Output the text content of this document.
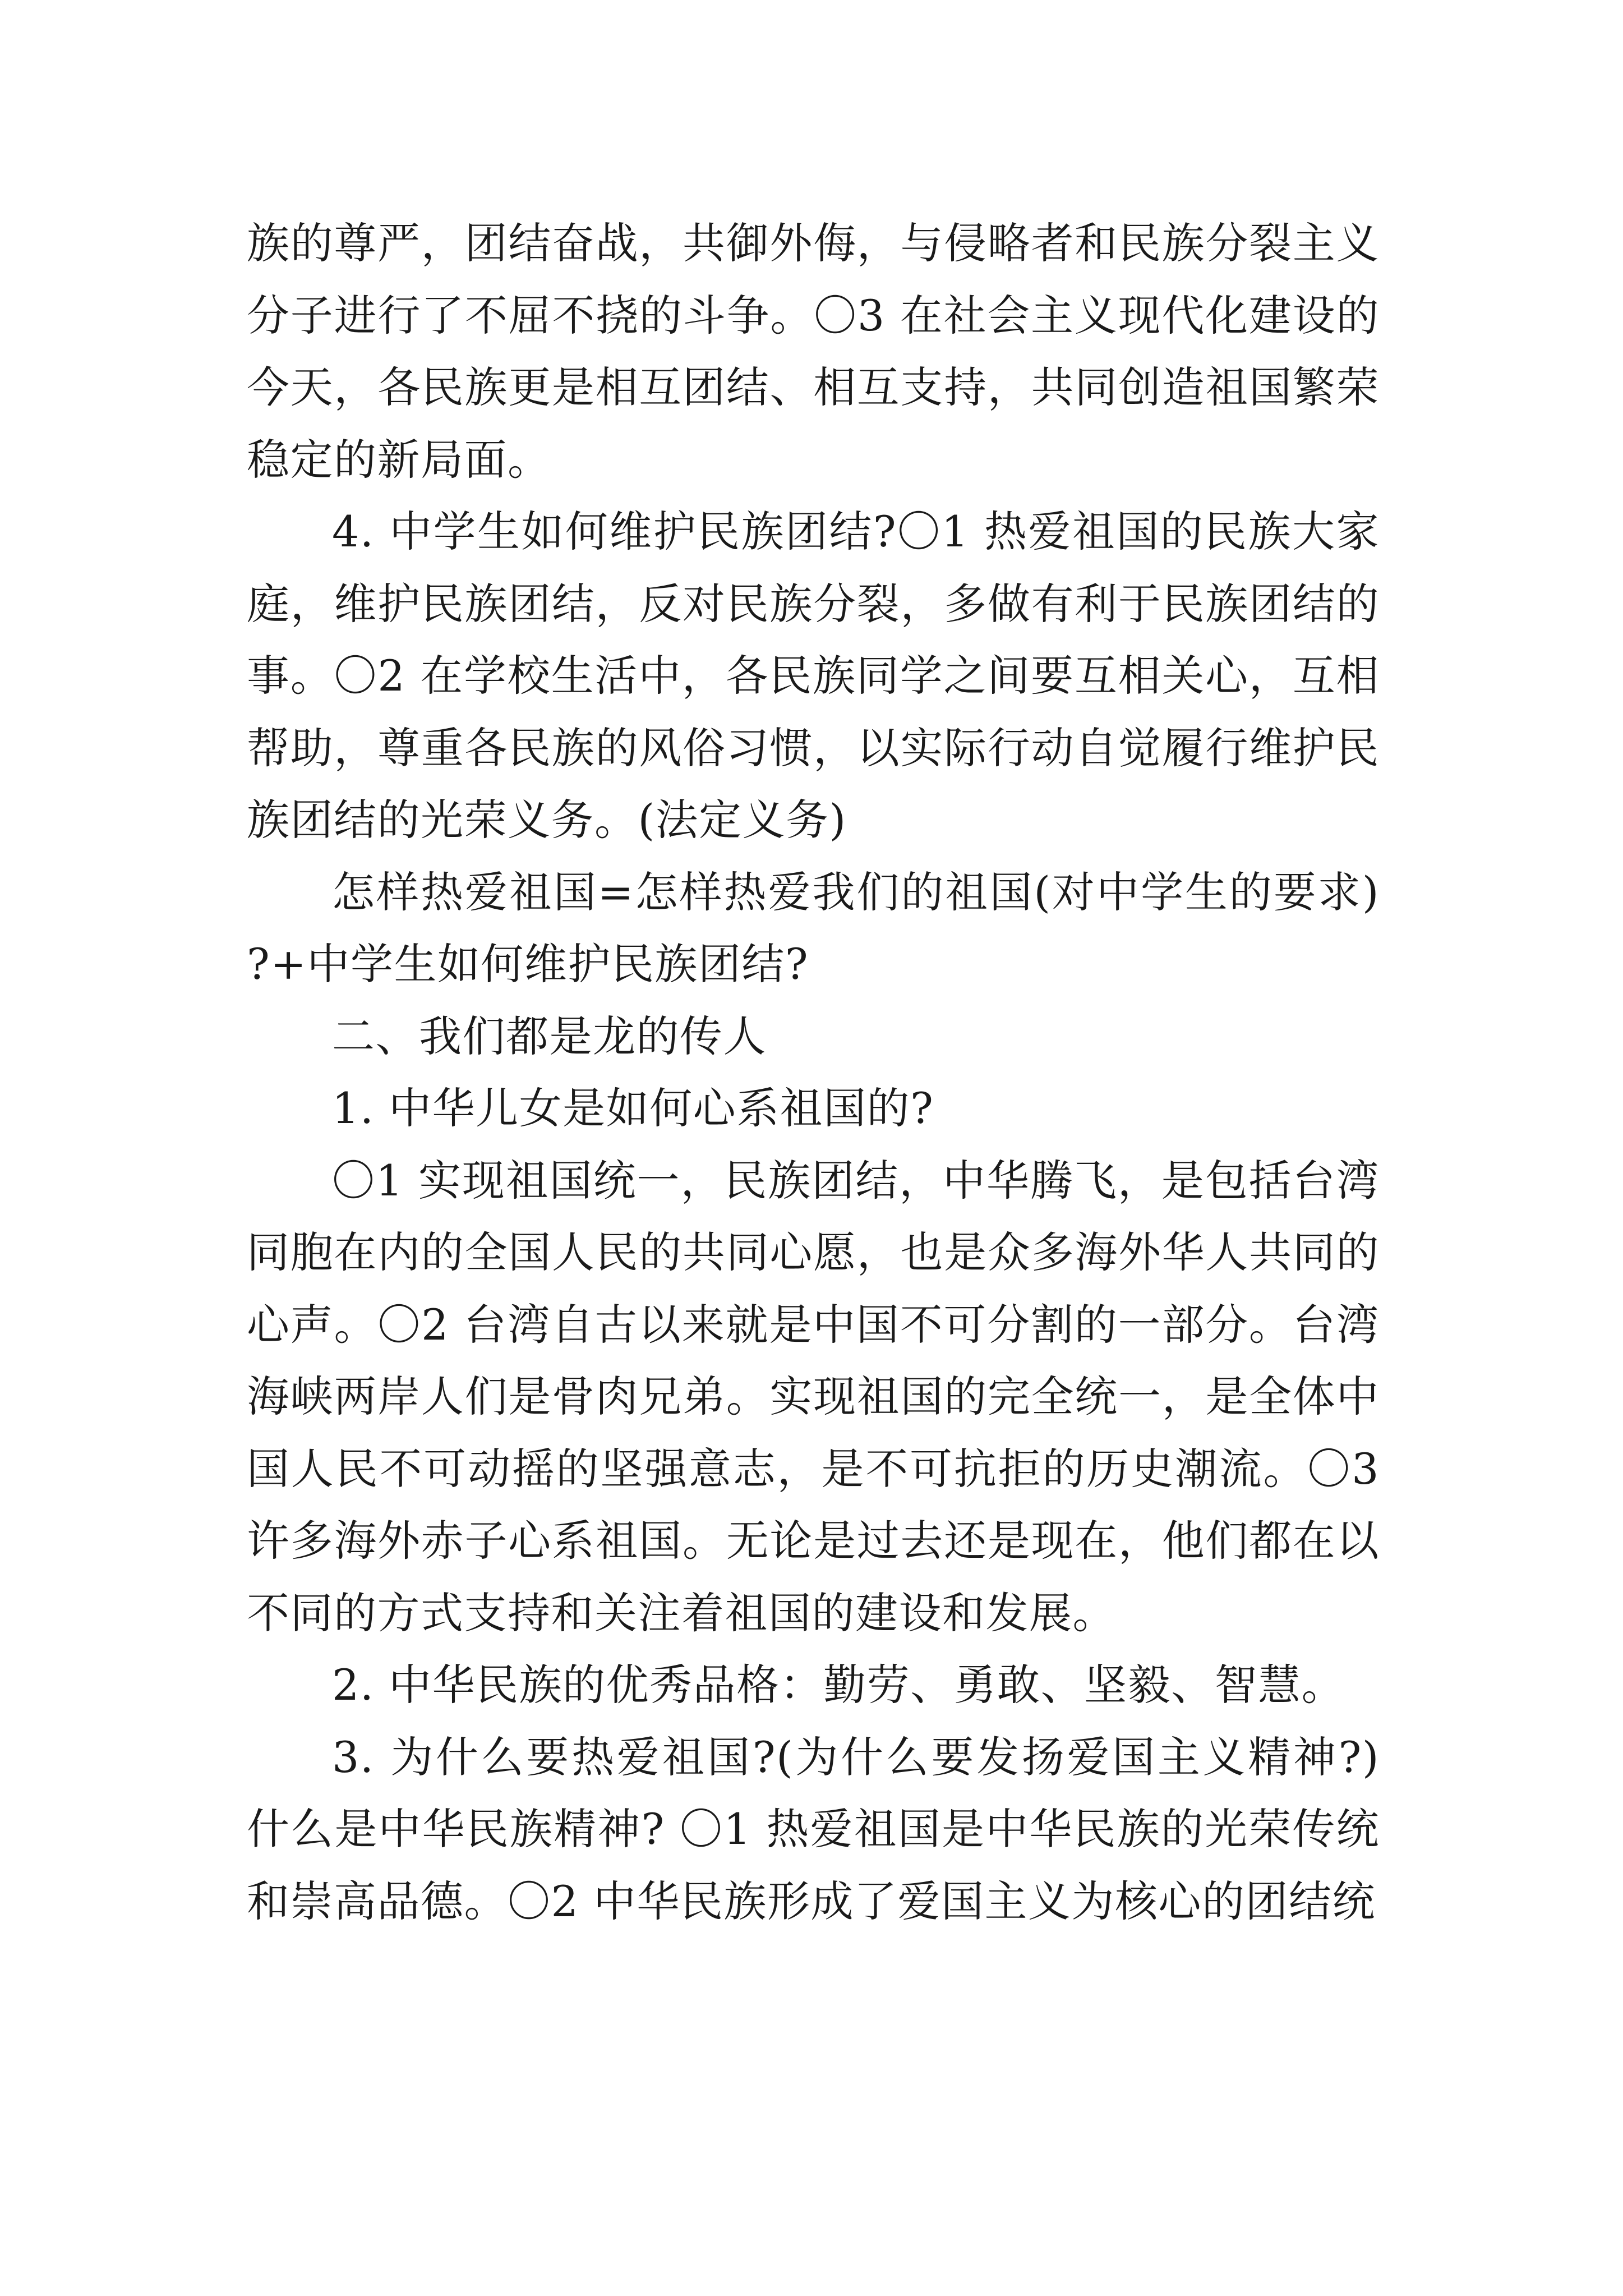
族的尊严，团结奋战，共御外侮，与侵略者和民族分裂主义分子进行了不屈不挠的斗争。〇3 在社会主义现代化建设的今天，各民族更是相互团结、相互支持，共同创造祖国繁荣稳定的新局面。

4. 中学生如何维护民族团结?〇1 热爱祖国的民族大家庭，维护民族团结，反对民族分裂，多做有利于民族团结的事。〇2 在学校生活中，各民族同学之间要互相关心，互相帮助，尊重各民族的风俗习惯，以实际行动自觉履行维护民族团结的光荣义务。(法定义务)

怎样热爱祖国=怎样热爱我们的祖国(对中学生的要求)?+中学生如何维护民族团结?

二、我们都是龙的传人

1. 中华儿女是如何心系祖国的?

〇1 实现祖国统一，民族团结，中华腾飞，是包括台湾同胞在内的全国人民的共同心愿，也是众多海外华人共同的心声。〇2 台湾自古以来就是中国不可分割的一部分。台湾海峡两岸人们是骨肉兄弟。实现祖国的完全统一，是全体中国人民不可动摇的坚强意志，是不可抗拒的历史潮流。〇3 许多海外赤子心系祖国。无论是过去还是现在，他们都在以不同的方式支持和关注着祖国的建设和发展。

2. 中华民族的优秀品格：勤劳、勇敢、坚毅、智慧。

3. 为什么要热爱祖国?(为什么要发扬爱国主义精神?)什么是中华民族精神? 〇1 热爱祖国是中华民族的光荣传统和崇高品德。〇2 中华民族形成了爱国主义为核心的团结统
